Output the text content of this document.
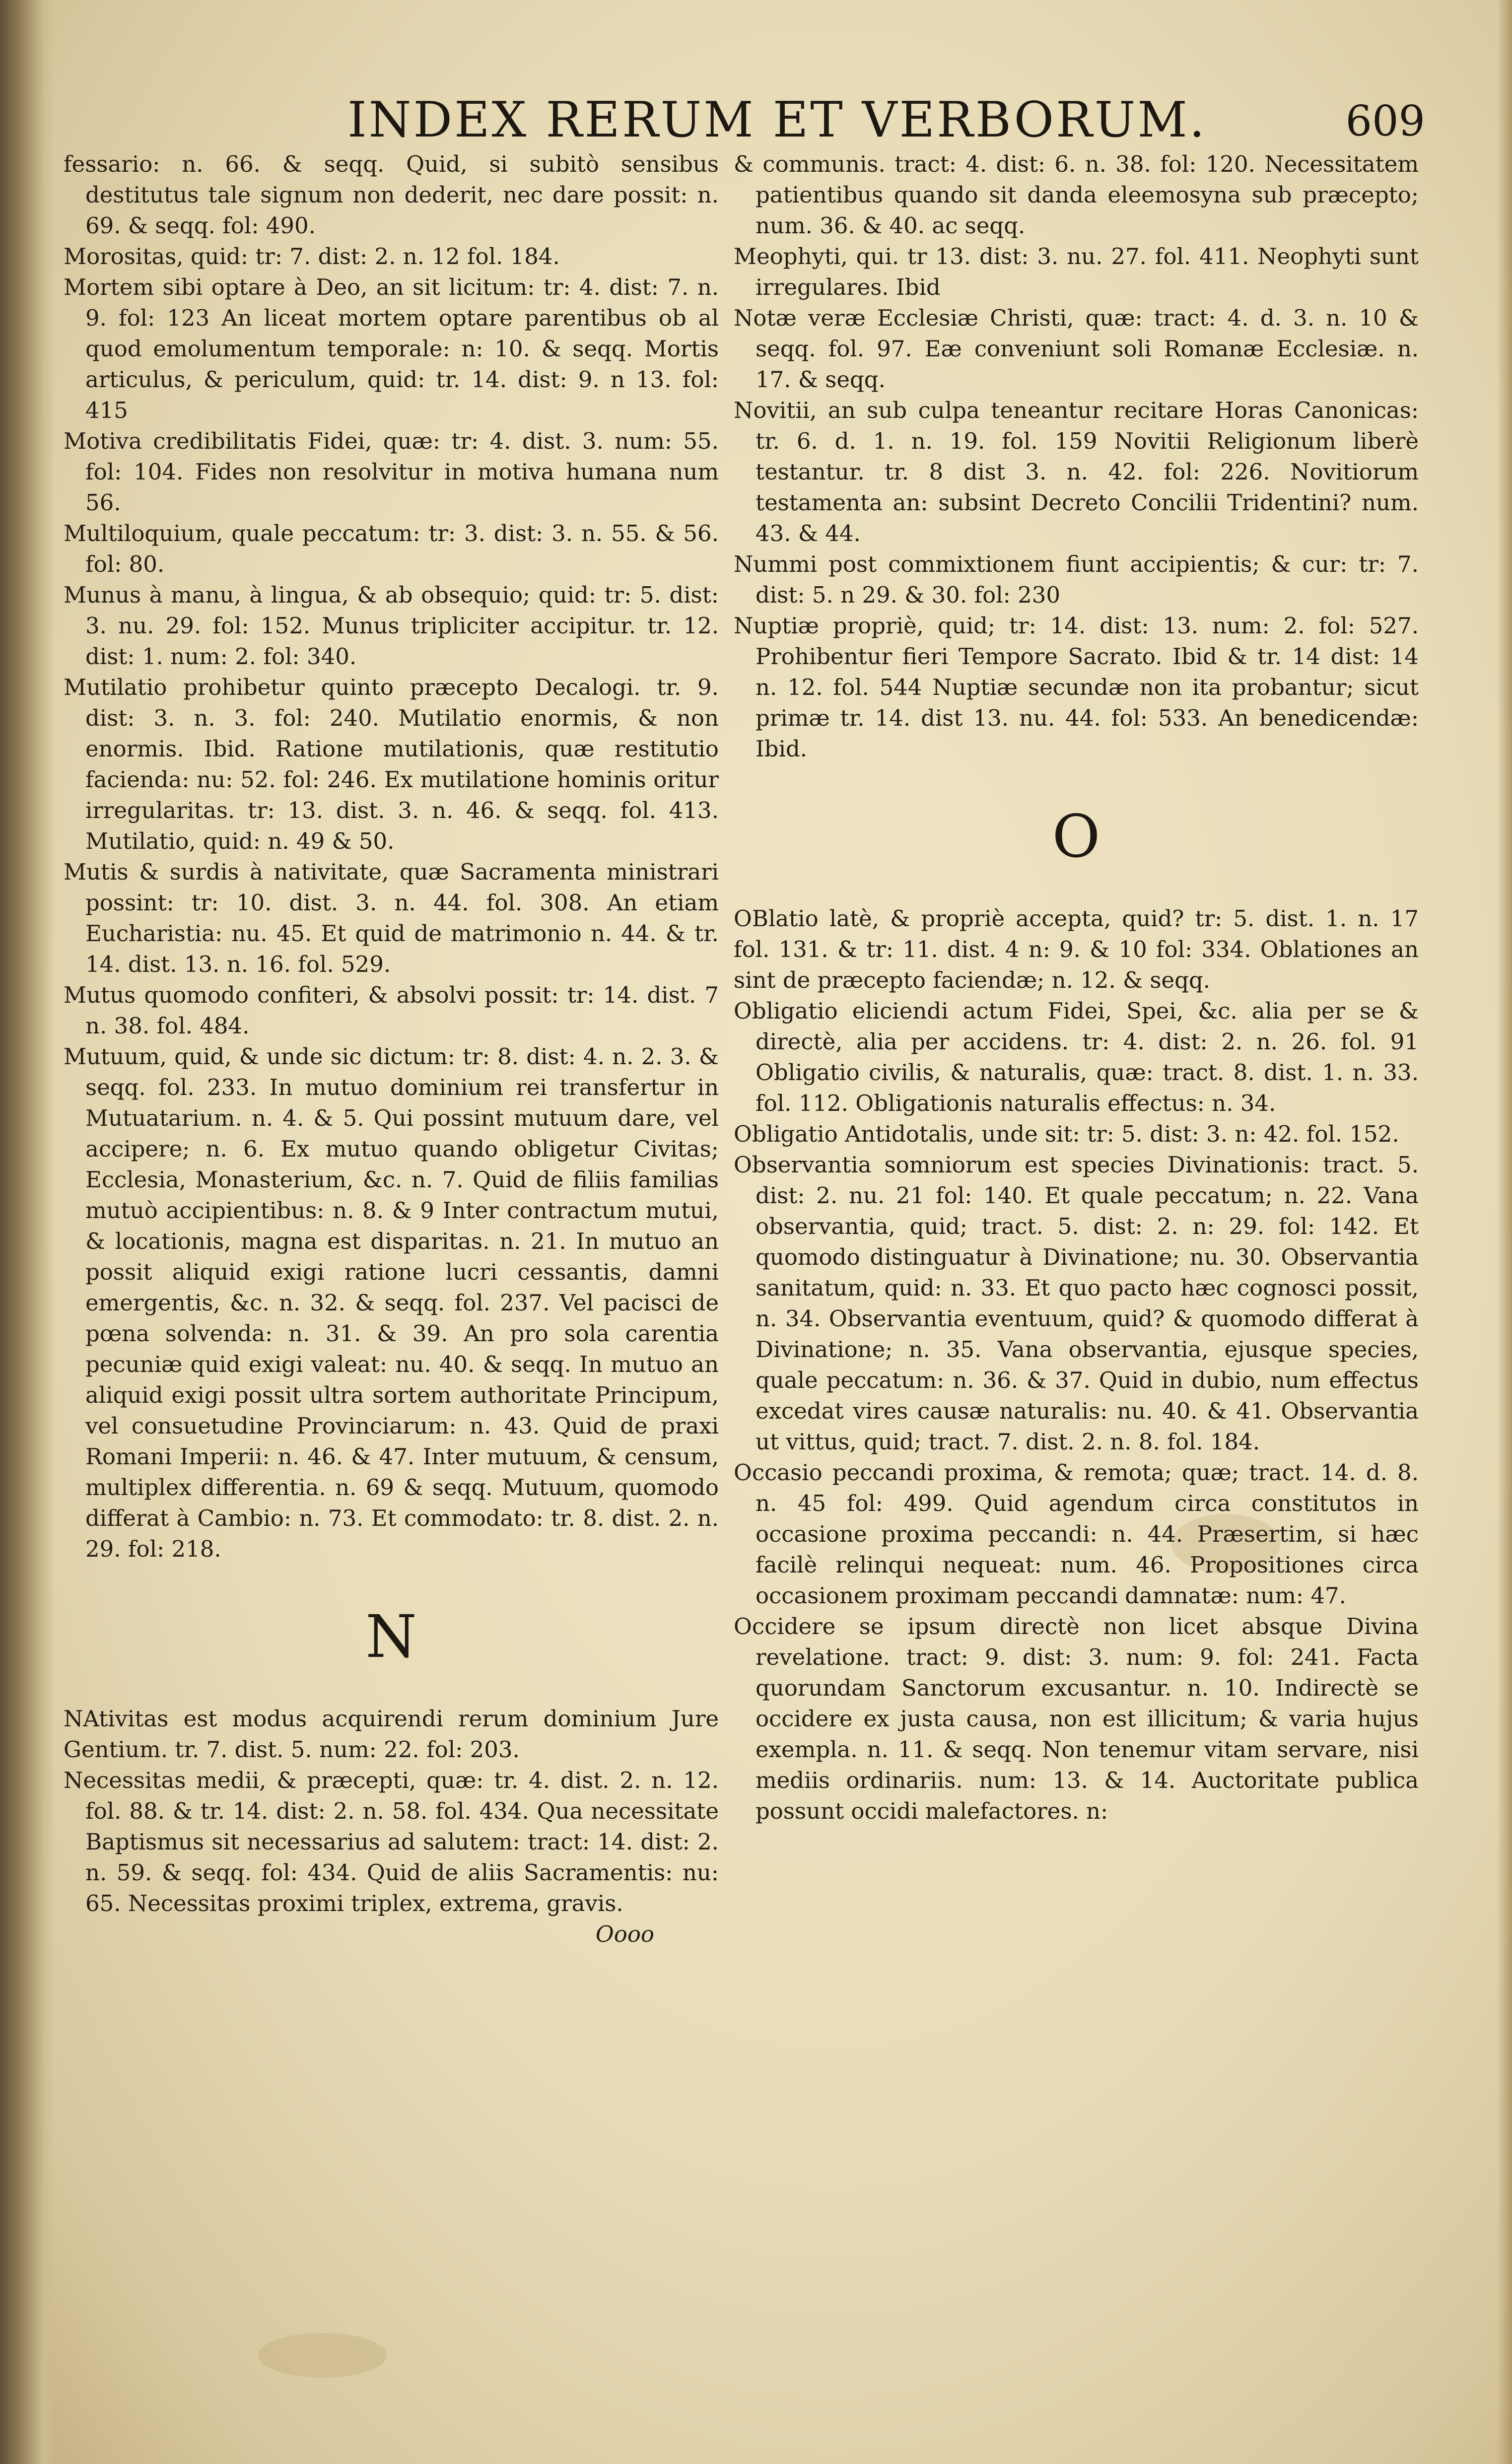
INDEX RERUM ET VERBORUM.	609

fessario: n. 66. & seqq. Quid, si subitò sensibus destitutus tale signum non dederit, nec dare possit: n. 69. & seqq. fol: 490.

Morositas, quid: tr: 7. dist: 2. n. 12 fol. 184.

Mortem sibi optare à Deo, an sit licitum: tr: 4. dist: 7. n. 9. fol: 123 An liceat mortem optare parentibus ob al quod emolumentum temporale: n: 10. & seqq. Mortis articulus, & periculum, quid: tr. 14. dist: 9. n 13. fol: 415

Motiva credibilitatis Fidei, quæ: tr: 4. dist. 3. num: 55. fol: 104. Fides non resolvitur in motiva humana num 56.

Multiloquium, quale peccatum: tr: 3. dist: 3. n. 55. & 56. fol: 80.

Munus à manu, à lingua, & ab obsequio; quid: tr: 5. dist: 3. nu. 29. fol: 152. Munus tripliciter accipitur. tr. 12. dist: 1. num: 2. fol: 340.

Mutilatio prohibetur quinto præcepto Decalogi. tr. 9. dist: 3. n. 3. fol: 240. Mutilatio enormis, & non enormis. Ibid. Ratione mutilationis, quæ restitutio facienda: nu: 52. fol: 246. Ex mutilatione hominis oritur irregularitas. tr: 13. dist. 3. n. 46. & seqq. fol. 413. Mutilatio, quid: n. 49 & 50.

Mutis & surdis à nativitate, quæ Sacramenta ministrari possint: tr: 10. dist. 3. n. 44. fol. 308. An etiam Eucharistia: nu. 45. Et quid de matrimonio n. 44. & tr. 14. dist. 13. n. 16. fol. 529.

Mutus quomodo confiteri, & absolvi possit: tr: 14. dist. 7 n. 38. fol. 484.

Mutuum, quid, & unde sic dictum: tr: 8. dist: 4. n. 2. 3. & seqq. fol. 233. In mutuo dominium rei transfertur in Mutuatarium. n. 4. & 5. Qui possint mutuum dare, vel accipere; n. 6. Ex mutuo quando obligetur Civitas; Ecclesia, Monasterium, &c. n. 7. Quid de filiis familias mutuò accipientibus: n. 8. & 9 Inter contractum mutui, & locationis, magna est disparitas. n. 21. In mutuo an possit aliquid exigi ratione lucri cessantis, damni emergentis, &c. n. 32. & seqq. fol. 237. Vel pacisci de pœna solvenda: n. 31. & 39. An pro sola carentia pecuniæ quid exigi valeat: nu. 40. & seqq. In mutuo an aliquid exigi possit ultra sortem authoritate Principum, vel consuetudine Provinciarum: n. 43. Quid de praxi Romani Imperii: n. 46. & 47. Inter mutuum, & censum, multiplex differentia. n. 69 & seqq. Mutuum, quomodo differat à Cambio: n. 73. Et commodato: tr. 8. dist. 2. n. 29. fol: 218.

N

NAtivitas est modus acquirendi rerum dominium Jure Gentium. tr. 7. dist. 5. num: 22. fol: 203.

Necessitas medii, & præcepti, quæ: tr. 4. dist. 2. n. 12. fol. 88. & tr. 14. dist: 2. n. 58. fol. 434. Qua necessitate Baptismus sit necessarius ad salutem: tract: 14. dist: 2. n. 59. & seqq. fol: 434. Quid de aliis Sacramentis: nu: 65. Necessitas proximi triplex, extrema, gravis.

Oooo

& communis. tract: 4. dist: 6. n. 38. fol: 120. Necessitatem patientibus quando sit danda eleemosyna sub præcepto; num. 36. & 40. ac seqq.

Meophyti, qui. tr 13. dist: 3. nu. 27. fol. 411. Neophyti sunt irregulares. Ibid

Notæ veræ Ecclesiæ Christi, quæ: tract: 4. d. 3. n. 10 & seqq. fol. 97. Eæ conveniunt soli Romanæ Ecclesiæ. n. 17. & seqq.

Novitii, an sub culpa teneantur recitare Horas Canonicas: tr. 6. d. 1. n. 19. fol. 159 Novitii Religionum liberè testantur. tr. 8 dist 3. n. 42. fol: 226. Novitiorum testamenta an: subsint Decreto Concilii Tridentini? num. 43. & 44.

Nummi post commixtionem fiunt accipientis; & cur: tr: 7. dist: 5. n 29. & 30. fol: 230

Nuptiæ propriè, quid; tr: 14. dist: 13. num: 2. fol: 527. Prohibentur fieri Tempore Sacrato. Ibid & tr. 14 dist: 14 n. 12. fol. 544 Nuptiæ secundæ non ita probantur; sicut primæ tr. 14. dist 13. nu. 44. fol: 533. An benedicendæ: Ibid.

O

OBlatio latè, & propriè accepta, quid? tr: 5. dist. 1. n. 17 fol. 131. & tr: 11. dist. 4 n: 9. & 10 fol: 334. Oblationes an sint de præcepto faciendæ; n. 12. & seqq.

Obligatio eliciendi actum Fidei, Spei, &c. alia per se & directè, alia per accidens. tr: 4. dist: 2. n. 26. fol. 91 Obligatio civilis, & naturalis, quæ: tract. 8. dist. 1. n. 33. fol. 112. Obligationis naturalis effectus: n. 34.

Obligatio Antidotalis, unde sit: tr: 5. dist: 3. n: 42. fol. 152.

Observantia somniorum est species Divinationis: tract. 5. dist: 2. nu. 21 fol: 140. Et quale peccatum; n. 22. Vana observantia, quid; tract. 5. dist: 2. n: 29. fol: 142. Et quomodo distinguatur à Divinatione; nu. 30. Observantia sanitatum, quid: n. 33. Et quo pacto hæc cognosci possit, n. 34. Observantia eventuum, quid? & quomodo differat à Divinatione; n. 35. Vana observantia, ejusque species, quale peccatum: n. 36. & 37. Quid in dubio, num effectus excedat vires causæ naturalis: nu. 40. & 41. Observantia ut vittus, quid; tract. 7. dist. 2. n. 8. fol. 184.

Occasio peccandi proxima, & remota; quæ; tract. 14. d. 8. n. 45 fol: 499. Quid agendum circa constitutos in occasione proxima peccandi: n. 44. Præsertim, si hæc facilè relinqui nequeat: num. 46. Propositiones circa occasionem proximam peccandi damnatæ: num: 47.

Occidere se ipsum directè non licet absque Divina revelatione. tract: 9. dist: 3. num: 9. fol: 241. Facta quorundam Sanctorum excusantur. n. 10. Indirectè se occidere ex justa causa, non est illicitum; & varia hujus exempla. n. 11. & seqq. Non tenemur vitam servare, nisi mediis ordinariis. num: 13. & 14. Auctoritate publica possunt occidi malefactores. n:
